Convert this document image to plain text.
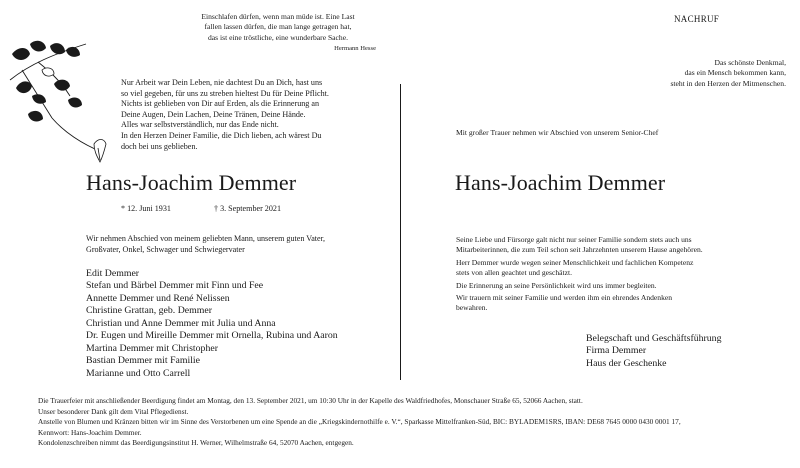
Einschlafen dürfen, wenn man müde ist. Eine Last
fallen lassen dürfen, die man lange getragen hat,
das ist eine tröstliche, eine wunderbare Sache.
Hermann Hesse
Nur Arbeit war Dein Leben, nie dachtest Du an Dich, hast uns
so viel gegeben, für uns zu streben hieltest Du für Deine Pflicht.
Nichts ist geblieben von Dir auf Erden, als die Erinnerung an
Deine Augen, Dein Lachen, Deine Tränen, Deine Hände.
Alles war selbstverständlich, nur das Ende nicht.
In den Herzen Deiner Familie, die Dich lieben, ach wärest Du
doch bei uns geblieben.
Hans-Joachim Demmer
* 12. Juni 1931	† 3. September 2021
Wir nehmen Abschied von meinem geliebten Mann, unserem guten Vater,
Großvater, Onkel, Schwager und Schwiegervater
Edit Demmer
Stefan und Bärbel Demmer mit Finn und Fee
Annette Demmer und René Nelissen
Christine Grattan, geb. Demmer
Christian und Anne Demmer mit Julia und Anna
Dr. Eugen und Mireille Demmer mit Ornella, Rubina und Aaron
Martina Demmer mit Christopher
Bastian Demmer mit Familie
Marianne und Otto Carrell
NACHRUF
Das schönste Denkmal,
das ein Mensch bekommen kann,
steht in den Herzen der Mitmenschen.
Mit großer Trauer nehmen wir Abschied von unserem Senior-Chef
Hans-Joachim Demmer
Seine Liebe und Fürsorge galt nicht nur seiner Familie sondern stets auch uns
Mitarbeiterinnen, die zum Teil schon seit Jahrzehnten unserem Hause angehören.
Herr Demmer wurde wegen seiner Menschlichkeit und fachlichen Kompetenz
stets von allen geachtet und geschätzt.
Die Erinnerung an seine Persönlichkeit wird uns immer begleiten.
Wir trauern mit seiner Familie und werden ihm ein ehrendes Andenken
bewahren.
Belegschaft und Geschäftsführung
Firma Demmer
Haus der Geschenke
Die Trauerfeier mit anschließender Beerdigung findet am Montag, den 13. September 2021, um 10:30 Uhr in der Kapelle des Waldfriedhofes, Monschauer Straße 65, 52066 Aachen, statt.
Unser besonderer Dank gilt dem Vital Pflegedienst.
Anstelle von Blumen und Kränzen bitten wir im Sinne des Verstorbenen um eine Spende an die „Kriegskindernothilfe e. V.“, Sparkasse Mittelfranken-Süd, BIC: BYLADEM1SRS, IBAN: DE68 7645 0000 0430 0001 17,
Kennwort: Hans-Joachim Demmer.
Kondolenzschreiben nimmt das Beerdigungsinstitut H. Werner, Wilhelmstraße 64, 52070 Aachen, entgegen.
